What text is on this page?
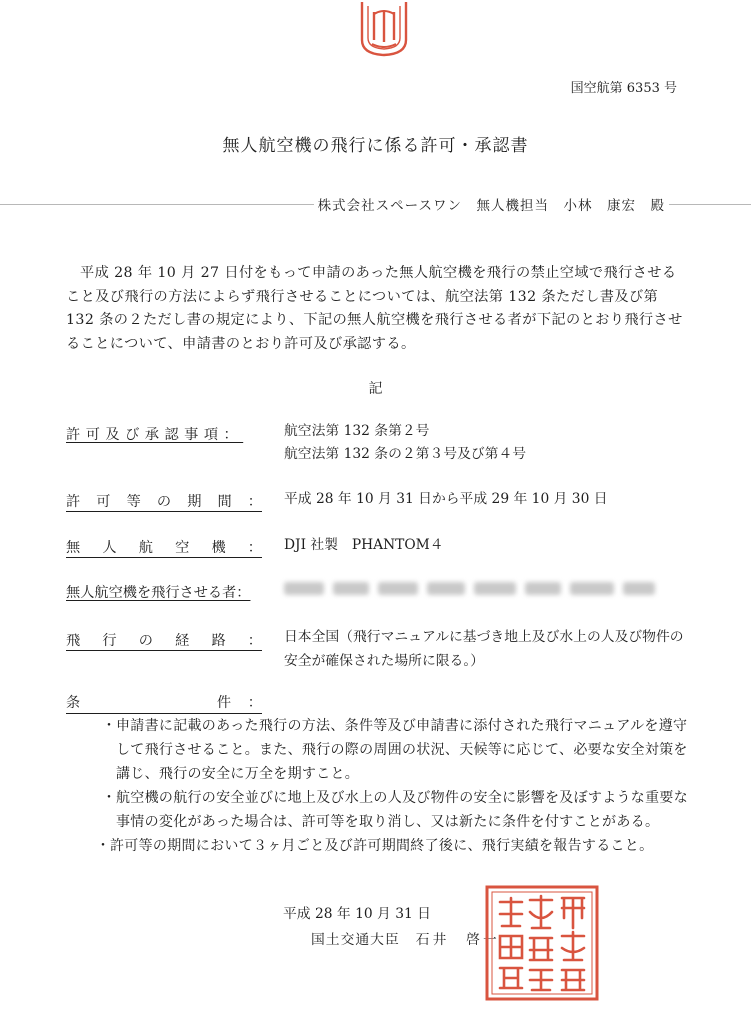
国空航第 6353 号
無人航空機の飛行に係る許可・承認書
株式会社スペースワン　無人機担当　小林　康宏　殿

平成 28 年 10 月 27 日付をもって申請のあった無人航空機を飛行の禁止空域で飛行させること及び飛行の方法によらず飛行させることについては、航空法第 132 条ただし書及び第 132 条の２ただし書の規定により、下記の無人航空機を飛行させる者が下記のとおり飛行させることについて、申請書のとおり許可及び承認する。

記
許可及び承認事項：	航空法第 132 条第２号
航空法第 132 条の２第３号及び第４号
許 可 等 の 期 間 ： 平成 28 年 10 月 31 日から平成 29 年 10 月 30 日
無 人 航 空 機 ： DJI 社製　PHANTOM４
無人航空機を飛行させる者：
飛 行 の 経 路 ： 日本全国（飛行マニュアルに基づき地上及び水上の人及び物件の安全が確保された場所に限る。）
条	件 ：
・ 申請書に記載のあった飛行の方法、条件等及び申請書に添付された飛行マニュアルを遵守して飛行させること。また、飛行の際の周囲の状況、天候等に応じて、必要な安全対策を講じ、飛行の安全に万全を期すこと。
・ 航空機の航行の安全並びに地上及び水上の人及び物件の安全に影響を及ぼすような重要な事情の変化があった場合は、許可等を取り消し、又は新たに条件を付すことがある。
・ 許可等の期間において３ヶ月ごと及び許可期間終了後に、飛行実績を報告すること。
平成 28 年 10 月 31 日
国土交通大臣 石井　啓一
